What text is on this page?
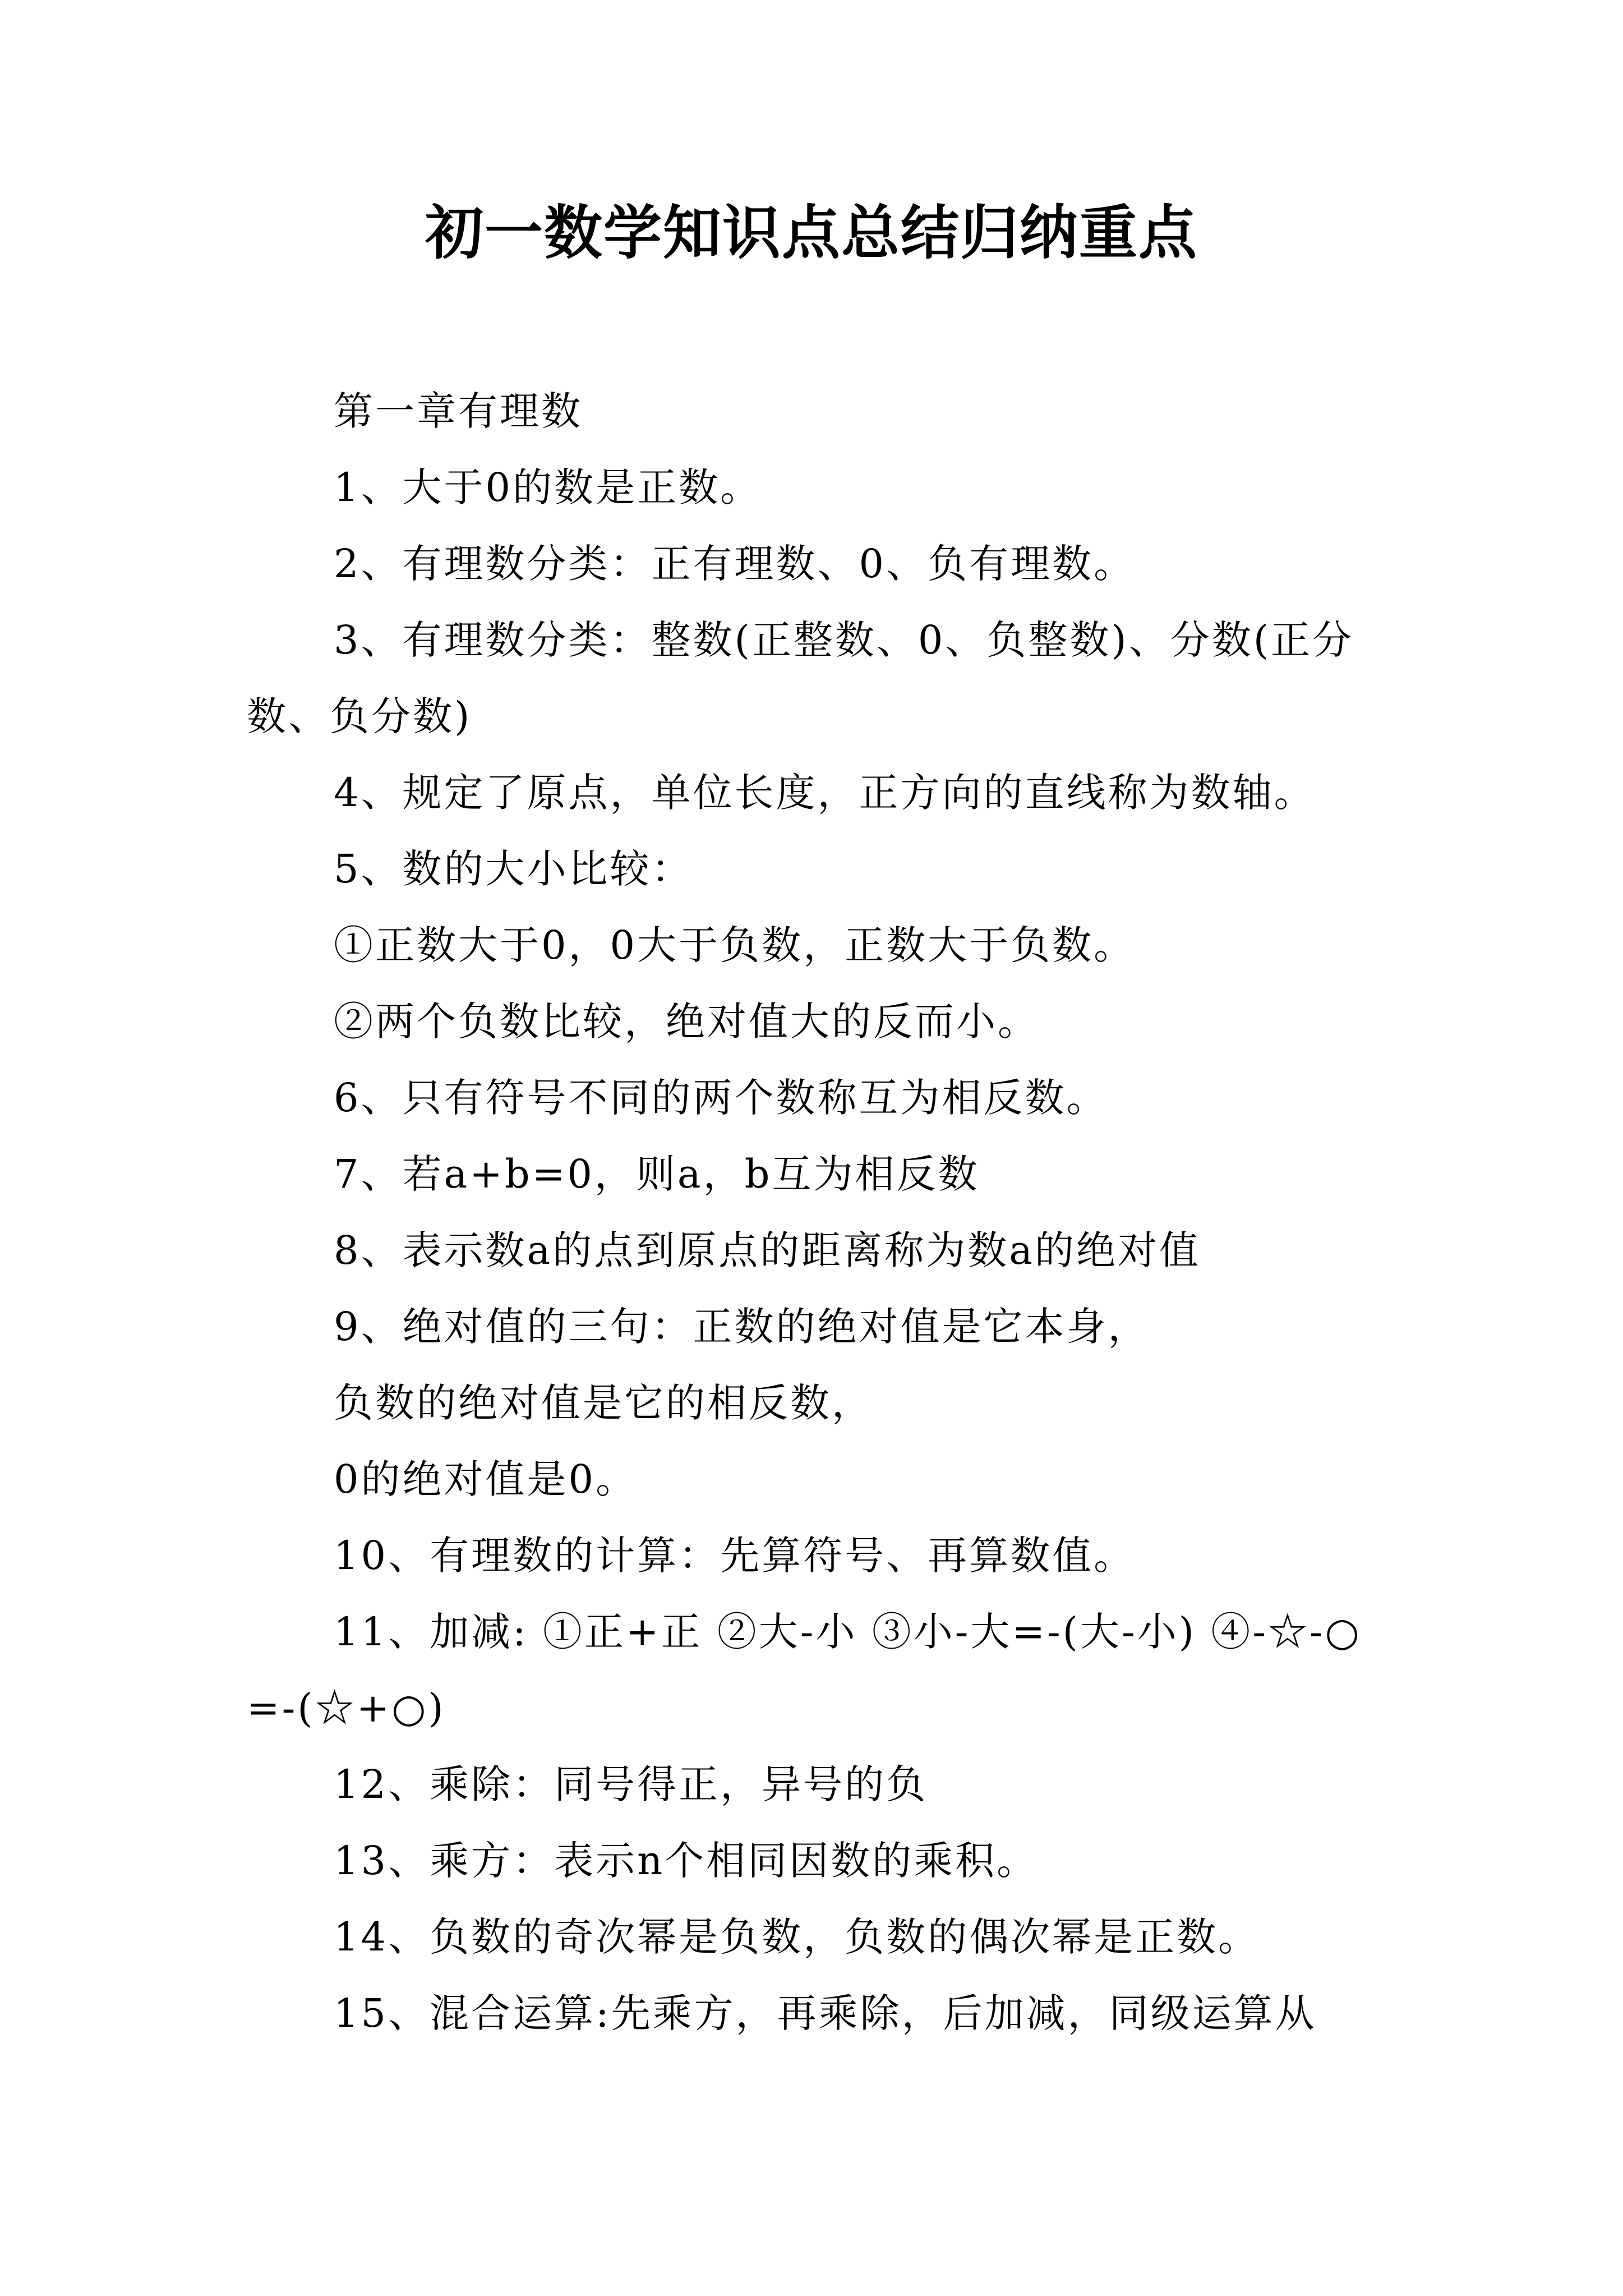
初一数学知识点总结归纳重点

第一章有理数

1、大于0的数是正数。

2、有理数分类：正有理数、0、负有理数。

3、有理数分类：整数(正整数、0、负整数)、分数(正分数、负分数)

4、规定了原点，单位长度，正方向的直线称为数轴。

5、数的大小比较：

①正数大于0，0大于负数，正数大于负数。

②两个负数比较，绝对值大的反而小。

6、只有符号不同的两个数称互为相反数。

7、若a+b=0，则a，b互为相反数

8、表示数a的点到原点的距离称为数a的绝对值

9、绝对值的三句：正数的绝对值是它本身，

负数的绝对值是它的相反数，

0的绝对值是0。

10、有理数的计算：先算符号、再算数值。

11、加减: ①正+正 ②大-小 ③小-大=-(大-小) ④-☆-○=-(☆+○)

12、乘除：同号得正，异号的负

13、乘方：表示n个相同因数的乘积。

14、负数的奇次幂是负数，负数的偶次幂是正数。

15、混合运算:先乘方，再乘除，后加减，同级运算从
